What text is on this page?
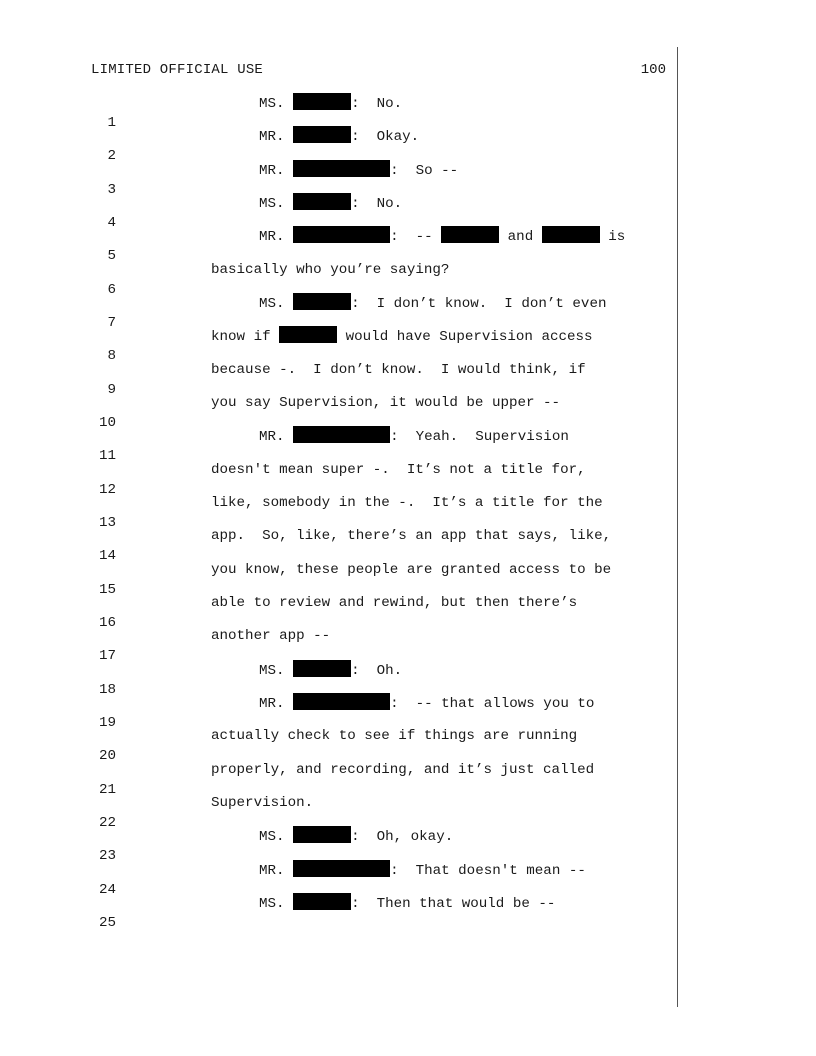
LIMITED OFFICIAL USE	100

1

MS.	:  No.

2

MR.	:  Okay.

3

MR.	:  So --

4

MS.	:  No.

5

MR.	:  --	and	is

6

basically who you’re saying?

7

MS.	:  I don’t know.  I don’t even

8

know if	would have Supervision access

9

because -.  I don’t know.  I would think, if

10

you say Supervision, it would be upper --

11

MR.	:  Yeah.  Supervision

12

doesn't mean super -.  It’s not a title for,

13

like, somebody in the -.  It’s a title for the

14

app.  So, like, there’s an app that says, like,

15

you know, these people are granted access to be

16

able to review and rewind, but then there’s

17

another app --

18

MS.	:  Oh.

19

MR.	:  -- that allows you to

20

actually check to see if things are running

21

properly, and recording, and it’s just called

22

Supervision.

23

MS.	:  Oh, okay.

24

MR.	:  That doesn't mean --

25

MS.	:  Then that would be --
